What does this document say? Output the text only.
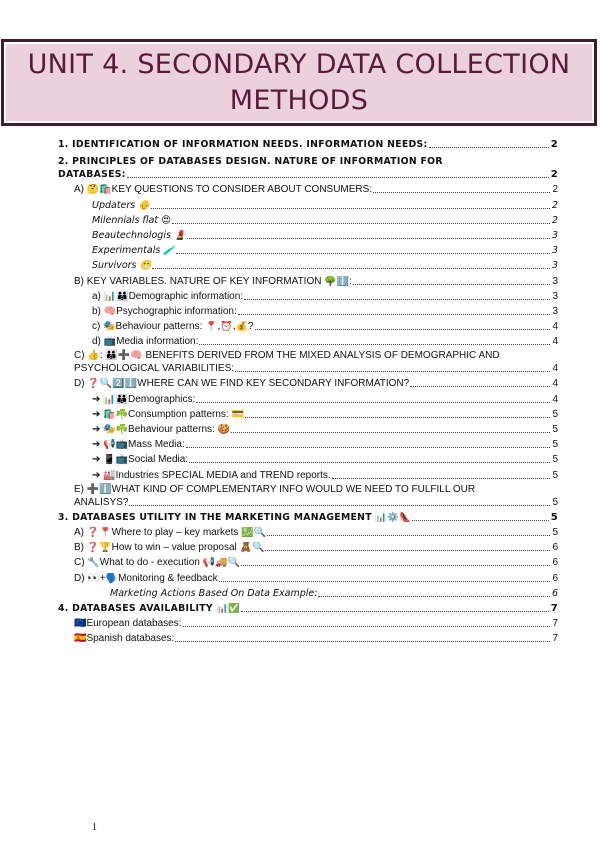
UNIT 4. SECONDARY DATA COLLECTION METHODS
1. IDENTIFICATION OF INFORMATION NEEDS. INFORMATION NEEDS:	2
2. PRINCIPLES OF DATABASES DESIGN. NATURE OF INFORMATION FOR
DATABASES:	2
A) 🤔🛍️KEY QUESTIONS TO CONSIDER ABOUT CONSUMERS:	2
Updaters 👴	2
Milennials flat 😍	2
Beautechnologis 💄	3
Experimentals 🧪	3
Survivors 😬	3
B) KEY VARIABLES. NATURE OF KEY INFORMATION 🌳ℹ️:	3
a) 📊👪Demographic information:	3
b) 🧠Psychographic information:	3
c) 🎭Behaviour patterns: 📍,⏰,💰?	4
d) 📺Media information:	4
C) 👍: 👪➕🧠 BENEFITS DERIVED FROM THE MIXED ANALYSIS OF DEMOGRAPHIC AND
PSYCHOLOGICAL VARIABILITIES:	4
D) ❓🔍2️⃣ℹ️WHERE CAN WE FIND KEY SECONDARY INFORMATION?	4
➔ 📊👪Demographics:	4
➔ 🛍️☘️Consumption patterns: 💳	5
➔ 🎭☘️Behaviour patterns: 🍪	5
➔ 📢📺Mass Media:	5
➔ 📱📺Social Media:	5
➔ 🏭Industries SPECIAL MEDIA and TREND reports.	5
E) ➕ℹ️WHAT KIND OF COMPLEMENTARY INFO WOULD WE NEED TO FULFILL OUR
ANALISYS?	5
3. DATABASES UTILITY IN THE MARKETING MANAGEMENT 📊⚙️👠	5
A) ❓📍Where to play – key markets 💹🔍	5
B) ❓🏆How to win – value proposal 🧸🔍	6
C) 🔧What to do - execution 📢🚚🔍	6
D) 👀+🗣️Monitoring & feedback	6
Marketing Actions Based On Data Example:	6
4. DATABASES AVAILABILITY 📊✅	7
🇪🇺European databases:	7
🇪🇸Spanish databases:	7
1
